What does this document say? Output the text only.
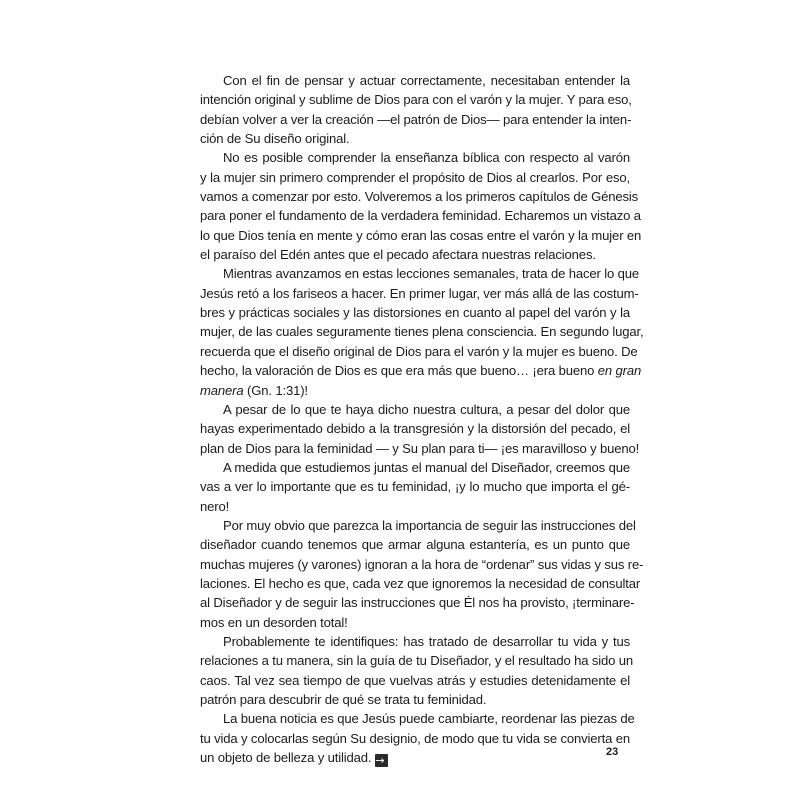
Con el fin de pensar y actuar correctamente, necesitaban entender la
intención original y sublime de Dios para con el varón y la mujer. Y para eso,
debían volver a ver la creación —el patrón de Dios— para entender la inten-
ción de Su diseño original.

No es posible comprender la enseñanza bíblica con respecto al varón
y la mujer sin primero comprender el propósito de Dios al crearlos. Por eso,
vamos a comenzar por esto. Volveremos a los primeros capítulos de Génesis
para poner el fundamento de la verdadera feminidad. Echaremos un vistazo a
lo que Dios tenía en mente y cómo eran las cosas entre el varón y la mujer en
el paraíso del Edén antes que el pecado afectara nuestras relaciones.

Mientras avanzamos en estas lecciones semanales, trata de hacer lo que
Jesús retó a los fariseos a hacer. En primer lugar, ver más allá de las costum-
bres y prácticas sociales y las distorsiones en cuanto al papel del varón y la
mujer, de las cuales seguramente tienes plena consciencia. En segundo lugar,
recuerda que el diseño original de Dios para el varón y la mujer es bueno. De
hecho, la valoración de Dios es que era más que bueno… ¡era bueno en gran
manera (Gn. 1:31)!

A pesar de lo que te haya dicho nuestra cultura, a pesar del dolor que
hayas experimentado debido a la transgresión y la distorsión del pecado, el
plan de Dios para la feminidad — y Su plan para ti— ¡es maravilloso y bueno!

A medida que estudiemos juntas el manual del Diseñador, creemos que
vas a ver lo importante que es tu feminidad, ¡y lo mucho que importa el gé-
nero!

Por muy obvio que parezca la importancia de seguir las instrucciones del
diseñador cuando tenemos que armar alguna estantería, es un punto que
muchas mujeres (y varones) ignoran a la hora de “ordenar” sus vidas y sus re-
laciones. El hecho es que, cada vez que ignoremos la necesidad de consultar
al Diseñador y de seguir las instrucciones que Él nos ha provisto, ¡terminare-
mos en un desorden total!

Probablemente te identifiques: has tratado de desarrollar tu vida y tus
relaciones a tu manera, sin la guía de tu Diseñador, y el resultado ha sido un
caos. Tal vez sea tiempo de que vuelvas atrás y estudies detenidamente el
patrón para descubrir de qué se trata tu feminidad.

La buena noticia es que Jesús puede cambiarte, reordenar las piezas de
tu vida y colocarlas según Su designio, de modo que tu vida se convierta en
un objeto de belleza y utilidad. →

23
